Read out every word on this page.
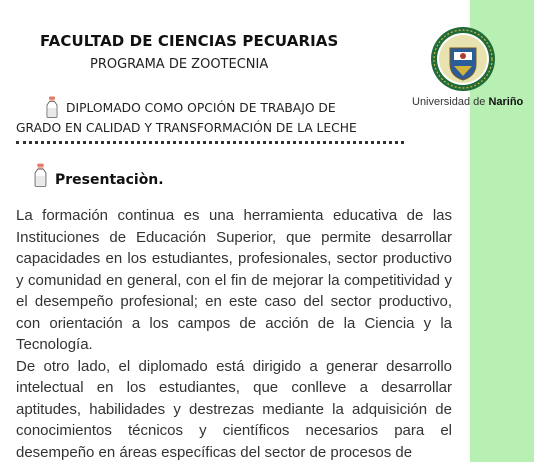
FACULTAD DE CIENCIAS PECUARIAS
PROGRAMA DE ZOOTECNIA
DIPLOMADO COMO OPCIÓN DE TRABAJO DE
GRADO EN CALIDAD Y TRANSFORMACIÓN DE LA LECHE
Presentaciòn.

La formación continua es una herramienta educativa de las Instituciones de Educación Superior, que permite desarrollar capacidades en los estudiantes, profesionales, sector productivo y comunidad en general, con el fin de mejorar la competitividad y el desempeño profesional; en este caso del sector productivo, con orientación a los campos de acción de la Ciencia y la Tecnología.

De otro lado, el diplomado está dirigido a generar desarrollo intelectual en los estudiantes, que conlleve a desarrollar aptitudes, habilidades y destrezas mediante la adquisición de conocimientos técnicos y científicos necesarios para el desempeño en áreas específicas del sector de procesos de

Universidad de Nariño
